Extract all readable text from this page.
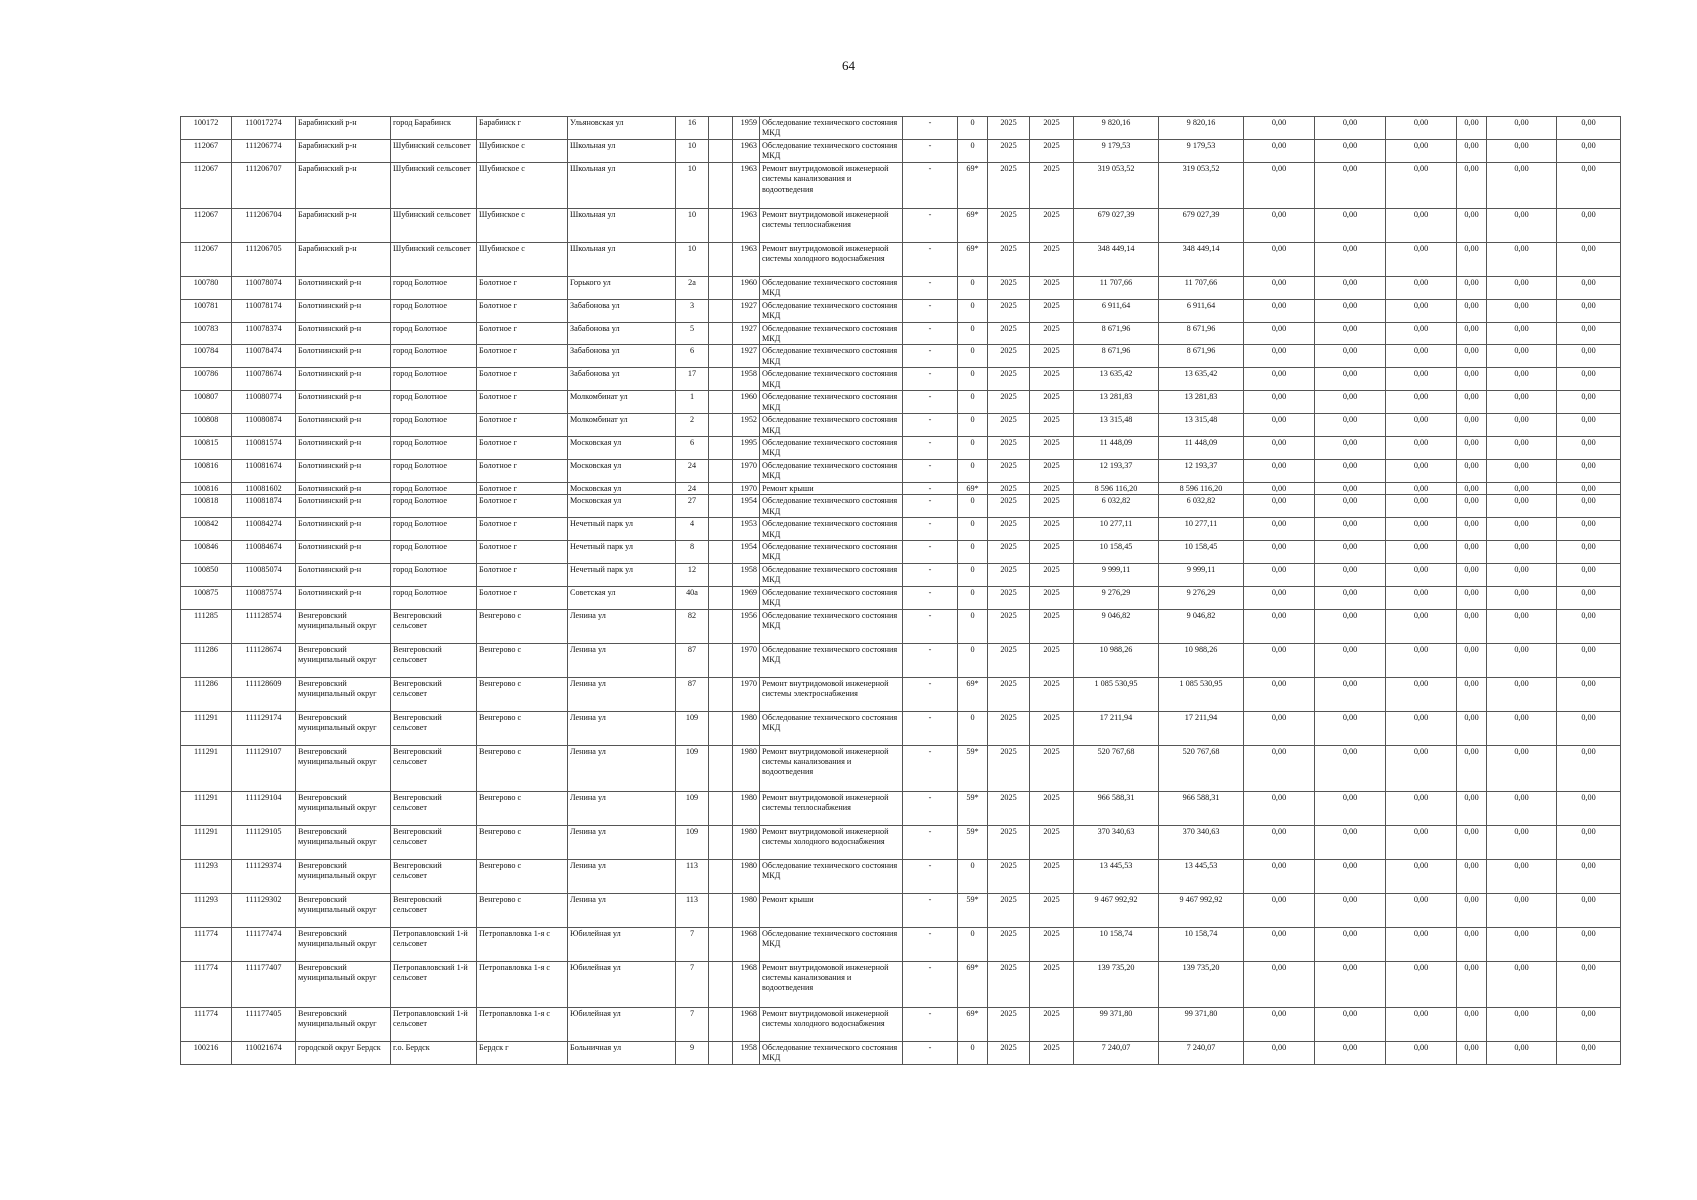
64
100172	110017274	Барабинский р-н	город Барабинск	Барабинск г	Ульяновская ул	16		1959	Обследование технического состояния МКД	-	0	2025	2025	9 820,16	9 820,16	0,00	0,00	0,00	0,00	0,00	0,00
112067	111206774	Барабинский р-н	Шубинский сельсовет	Шубинское с	Школьная ул	10		1963	Обследование технического состояния МКД	-	0	2025	2025	9 179,53	9 179,53	0,00	0,00	0,00	0,00	0,00	0,00
112067	111206707	Барабинский р-н	Шубинский сельсовет	Шубинское с	Школьная ул	10		1963	Ремонт внутридомовой инженерной системы канализования и водоотведения	-	69*	2025	2025	319 053,52	319 053,52	0,00	0,00	0,00	0,00	0,00	0,00
112067	111206704	Барабинский р-н	Шубинский сельсовет	Шубинское с	Школьная ул	10		1963	Ремонт внутридомовой инженерной системы теплоснабжения	-	69*	2025	2025	679 027,39	679 027,39	0,00	0,00	0,00	0,00	0,00	0,00
112067	111206705	Барабинский р-н	Шубинский сельсовет	Шубинское с	Школьная ул	10		1963	Ремонт внутридомовой инженерной системы холодного водоснабжения	-	69*	2025	2025	348 449,14	348 449,14	0,00	0,00	0,00	0,00	0,00	0,00
100780	110078074	Болотнинский р-н	город Болотное	Болотное г	Горького ул	2а		1960	Обследование технического состояния МКД	-	0	2025	2025	11 707,66	11 707,66	0,00	0,00	0,00	0,00	0,00	0,00
100781	110078174	Болотнинский р-н	город Болотное	Болотное г	Забабонова ул	3		1927	Обследование технического состояния МКД	-	0	2025	2025	6 911,64	6 911,64	0,00	0,00	0,00	0,00	0,00	0,00
100783	110078374	Болотнинский р-н	город Болотное	Болотное г	Забабонова ул	5		1927	Обследование технического состояния МКД	-	0	2025	2025	8 671,96	8 671,96	0,00	0,00	0,00	0,00	0,00	0,00
100784	110078474	Болотнинский р-н	город Болотное	Болотное г	Забабонова ул	6		1927	Обследование технического состояния МКД	-	0	2025	2025	8 671,96	8 671,96	0,00	0,00	0,00	0,00	0,00	0,00
100786	110078674	Болотнинский р-н	город Болотное	Болотное г	Забабонова ул	17		1958	Обследование технического состояния МКД	-	0	2025	2025	13 635,42	13 635,42	0,00	0,00	0,00	0,00	0,00	0,00
100807	110080774	Болотнинский р-н	город Болотное	Болотное г	Молкомбинат ул	1		1960	Обследование технического состояния МКД	-	0	2025	2025	13 281,83	13 281,83	0,00	0,00	0,00	0,00	0,00	0,00
100808	110080874	Болотнинский р-н	город Болотное	Болотное г	Молкомбинат ул	2		1952	Обследование технического состояния МКД	-	0	2025	2025	13 315,48	13 315,48	0,00	0,00	0,00	0,00	0,00	0,00
100815	110081574	Болотнинский р-н	город Болотное	Болотное г	Московская ул	6		1995	Обследование технического состояния МКД	-	0	2025	2025	11 448,09	11 448,09	0,00	0,00	0,00	0,00	0,00	0,00
100816	110081674	Болотнинский р-н	город Болотное	Болотное г	Московская ул	24		1970	Обследование технического состояния МКД	-	0	2025	2025	12 193,37	12 193,37	0,00	0,00	0,00	0,00	0,00	0,00
100816	110081602	Болотнинский р-н	город Болотное	Болотное г	Московская ул	24		1970	Ремонт крыши	-	69*	2025	2025	8 596 116,20	8 596 116,20	0,00	0,00	0,00	0,00	0,00	0,00
100818	110081874	Болотнинский р-н	город Болотное	Болотное г	Московская ул	27		1954	Обследование технического состояния МКД	-	0	2025	2025	6 032,82	6 032,82	0,00	0,00	0,00	0,00	0,00	0,00
100842	110084274	Болотнинский р-н	город Болотное	Болотное г	Нечетный парк ул	4		1953	Обследование технического состояния МКД	-	0	2025	2025	10 277,11	10 277,11	0,00	0,00	0,00	0,00	0,00	0,00
100846	110084674	Болотнинский р-н	город Болотное	Болотное г	Нечетный парк ул	8		1954	Обследование технического состояния МКД	-	0	2025	2025	10 158,45	10 158,45	0,00	0,00	0,00	0,00	0,00	0,00
100850	110085074	Болотнинский р-н	город Болотное	Болотное г	Нечетный парк ул	12		1958	Обследование технического состояния МКД	-	0	2025	2025	9 999,11	9 999,11	0,00	0,00	0,00	0,00	0,00	0,00
100875	110087574	Болотнинский р-н	город Болотное	Болотное г	Советская ул	40а		1969	Обследование технического состояния МКД	-	0	2025	2025	9 276,29	9 276,29	0,00	0,00	0,00	0,00	0,00	0,00
111285	111128574	Венгеровский муниципальный округ	Венгеровский сельсовет	Венгерово с	Ленина ул	82		1956	Обследование технического состояния МКД	-	0	2025	2025	9 046,82	9 046,82	0,00	0,00	0,00	0,00	0,00	0,00
111286	111128674	Венгеровский муниципальный округ	Венгеровский сельсовет	Венгерово с	Ленина ул	87		1970	Обследование технического состояния МКД	-	0	2025	2025	10 988,26	10 988,26	0,00	0,00	0,00	0,00	0,00	0,00
111286	111128609	Венгеровский муниципальный округ	Венгеровский сельсовет	Венгерово с	Ленина ул	87		1970	Ремонт внутридомовой инженерной системы электроснабжения	-	69*	2025	2025	1 085 530,95	1 085 530,95	0,00	0,00	0,00	0,00	0,00	0,00
111291	111129174	Венгеровский муниципальный округ	Венгеровский сельсовет	Венгерово с	Ленина ул	109		1980	Обследование технического состояния МКД	-	0	2025	2025	17 211,94	17 211,94	0,00	0,00	0,00	0,00	0,00	0,00
111291	111129107	Венгеровский муниципальный округ	Венгеровский сельсовет	Венгерово с	Ленина ул	109		1980	Ремонт внутридомовой инженерной системы канализования и водоотведения	-	59*	2025	2025	520 767,68	520 767,68	0,00	0,00	0,00	0,00	0,00	0,00
111291	111129104	Венгеровский муниципальный округ	Венгеровский сельсовет	Венгерово с	Ленина ул	109		1980	Ремонт внутридомовой инженерной системы теплоснабжения	-	59*	2025	2025	966 588,31	966 588,31	0,00	0,00	0,00	0,00	0,00	0,00
111291	111129105	Венгеровский муниципальный округ	Венгеровский сельсовет	Венгерово с	Ленина ул	109		1980	Ремонт внутридомовой инженерной системы холодного водоснабжения	-	59*	2025	2025	370 340,63	370 340,63	0,00	0,00	0,00	0,00	0,00	0,00
111293	111129374	Венгеровский муниципальный округ	Венгеровский сельсовет	Венгерово с	Ленина ул	113		1980	Обследование технического состояния МКД	-	0	2025	2025	13 445,53	13 445,53	0,00	0,00	0,00	0,00	0,00	0,00
111293	111129302	Венгеровский муниципальный округ	Венгеровский сельсовет	Венгерово с	Ленина ул	113		1980	Ремонт крыши	-	59*	2025	2025	9 467 992,92	9 467 992,92	0,00	0,00	0,00	0,00	0,00	0,00
111774	111177474	Венгеровский муниципальный округ	Петропавловский 1-й сельсовет	Петропавловка 1-я с	Юбилейная ул	7		1968	Обследование технического состояния МКД	-	0	2025	2025	10 158,74	10 158,74	0,00	0,00	0,00	0,00	0,00	0,00
111774	111177407	Венгеровский муниципальный округ	Петропавловский 1-й сельсовет	Петропавловка 1-я с	Юбилейная ул	7		1968	Ремонт внутридомовой инженерной системы канализования и водоотведения	-	69*	2025	2025	139 735,20	139 735,20	0,00	0,00	0,00	0,00	0,00	0,00
111774	111177405	Венгеровский муниципальный округ	Петропавловский 1-й сельсовет	Петропавловка 1-я с	Юбилейная ул	7		1968	Ремонт внутридомовой инженерной системы холодного водоснабжения	-	69*	2025	2025	99 371,80	99 371,80	0,00	0,00	0,00	0,00	0,00	0,00
100216	110021674	городской округ Бердск	г.о. Бердск	Бердск г	Больничная ул	9		1958	Обследование технического состояния МКД	-	0	2025	2025	7 240,07	7 240,07	0,00	0,00	0,00	0,00	0,00	0,00
